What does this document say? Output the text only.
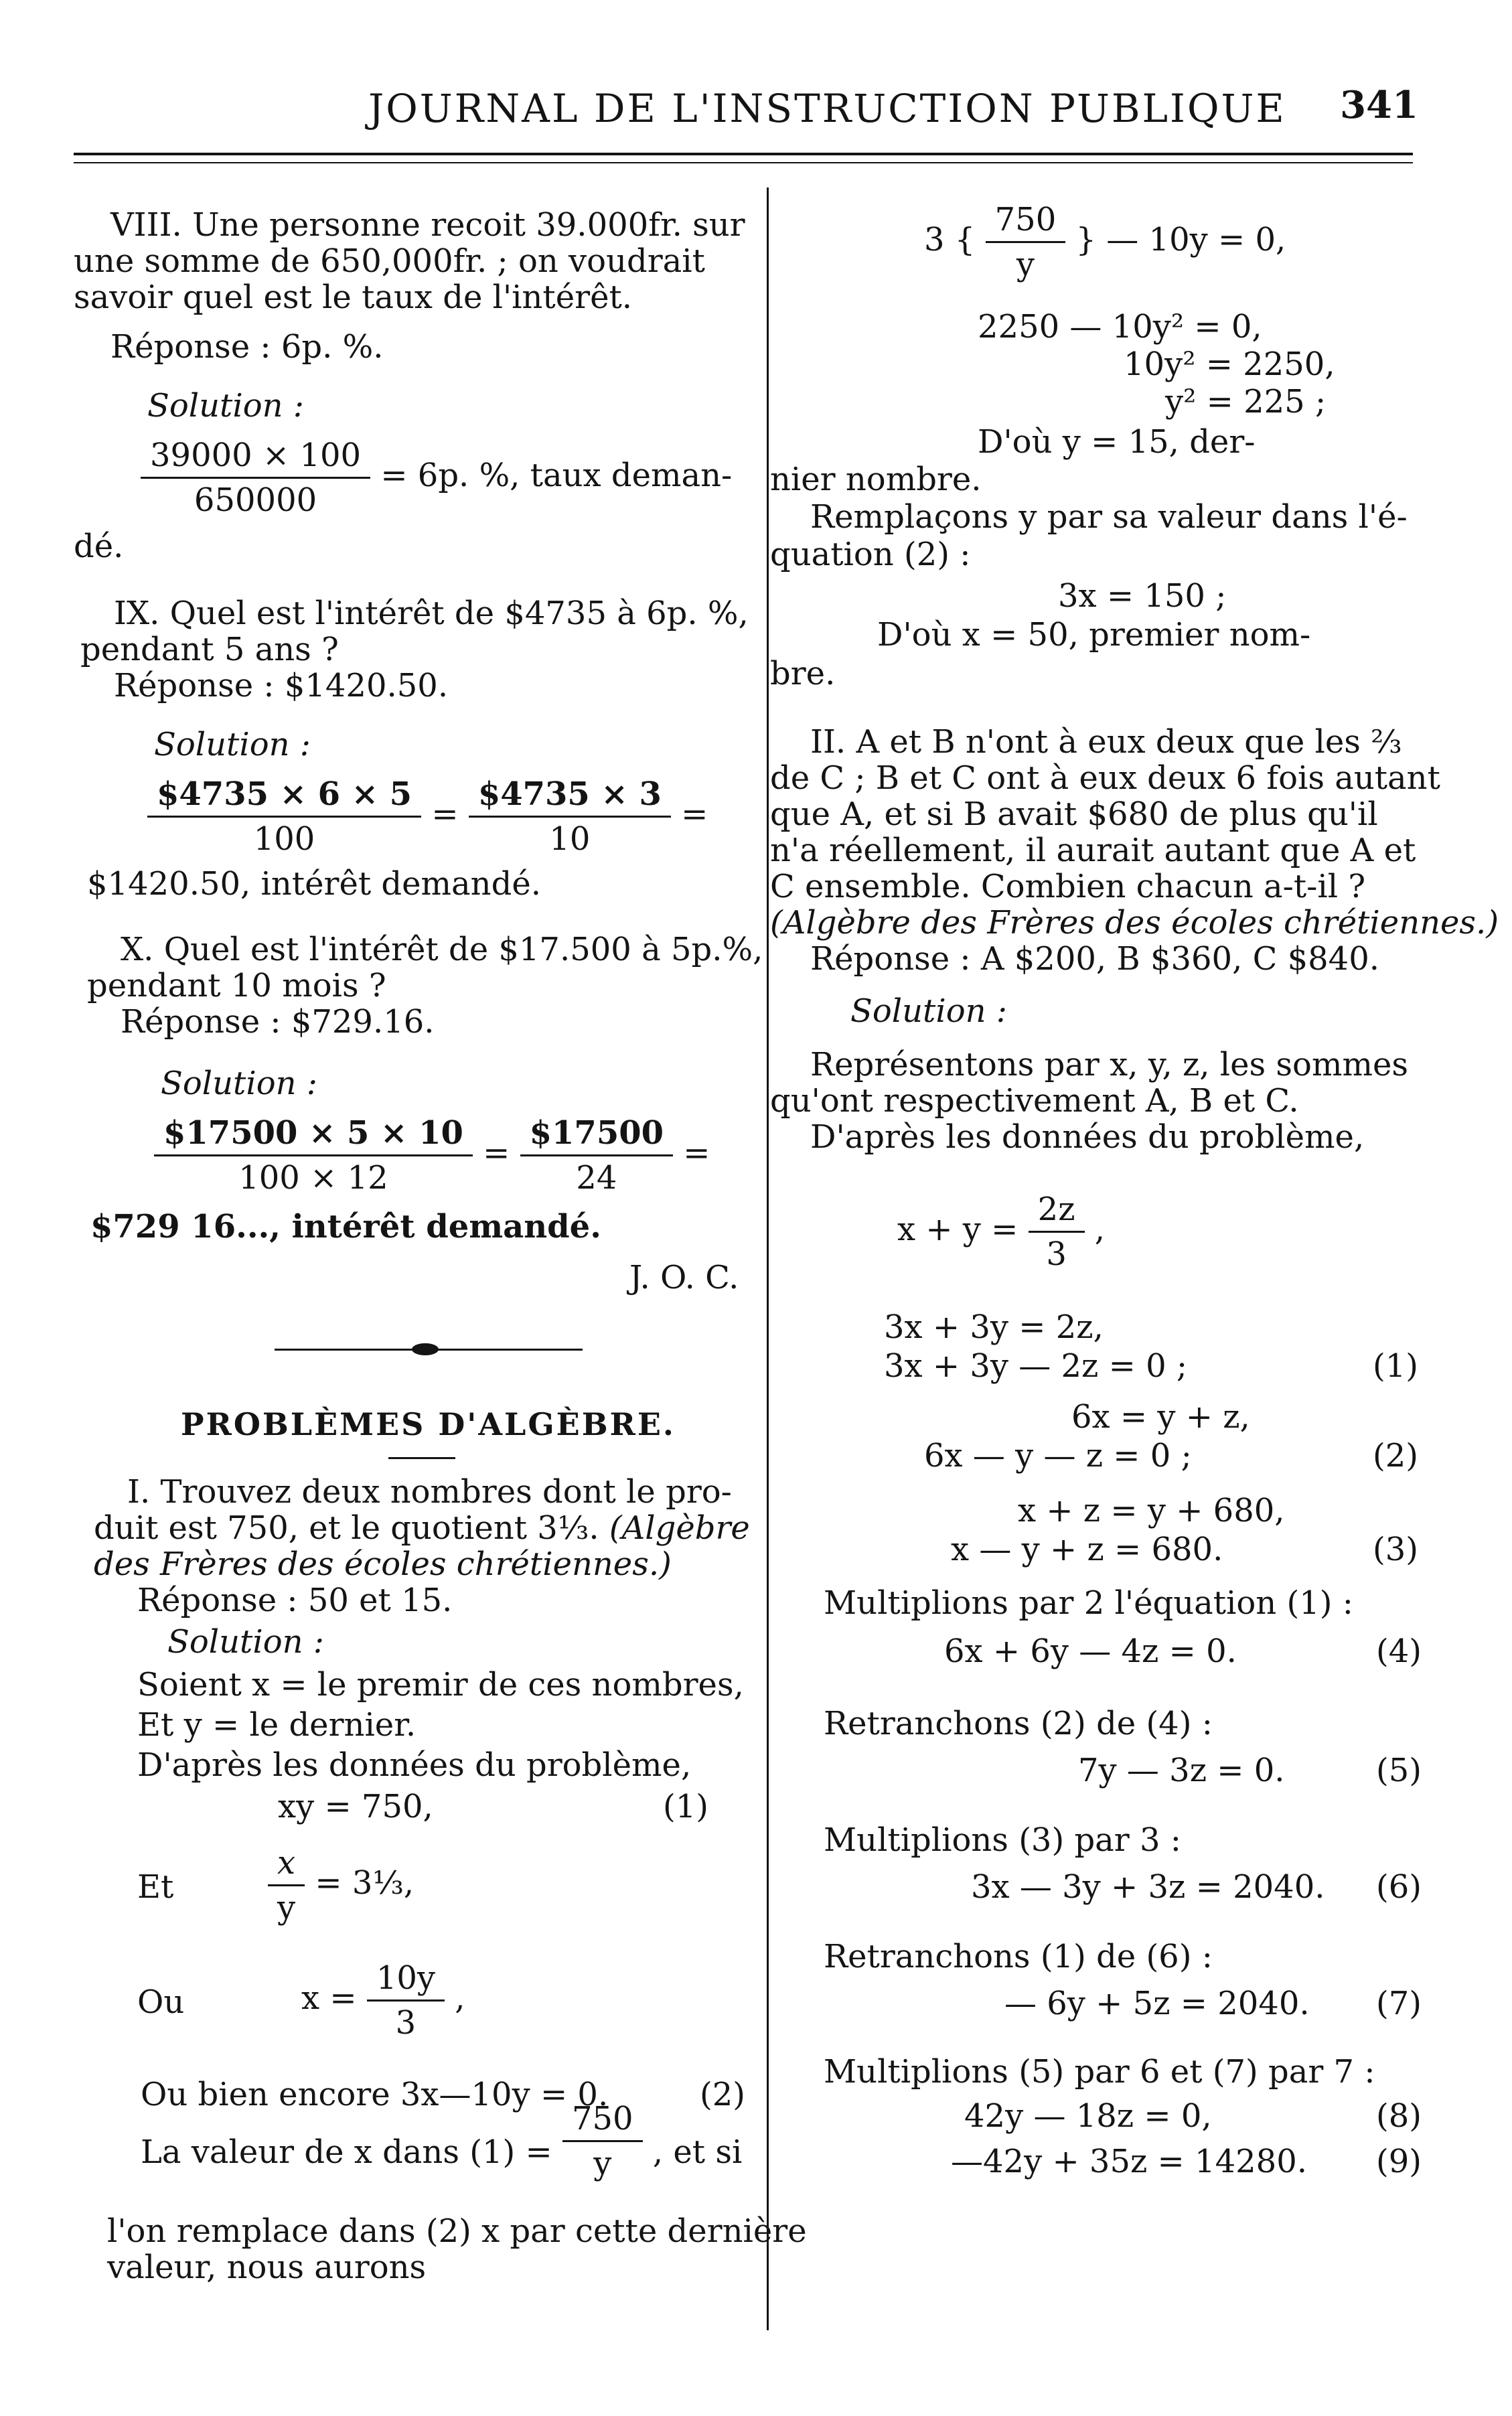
JOURNAL DE L'INSTRUCTION PUBLIQUE 341
VIII. Une personne recoit 39.000fr. sur
une somme de 650,000fr. ; on voudrait
savoir quel est le taux de l'intérêt.
Réponse : 6p. %.
Solution :
$\frac{39000 \times 100}{650000} = 6p$. %, taux deman-
dé.
IX. Quel est l'intérêt de $4735 à 6p. %,
pendant 5 ans ?
Réponse : $1420.50.
Solution :
$\frac{\$4735 \times 6 \times 5}{100} = \frac{\$4735 \times 3}{10}$ =
$1420.50, intérêt demandé.
X. Quel est l'intérêt de $17.500 à 5p.%,
pendant 10 mois ?
Réponse : $729.16.
Solution :
$\frac{\$17500 \times 5 \times 10}{100 \times 12} = \frac{\$17500}{24}$ =
$729 16..., intérêt demandé.
J. O. C.
PROBLÈMES D'ALGÈBRE.
I. Trouvez deux nombres dont le pro-
duit est 750, et le quotient 3⅓. (Algèbre
des Frères des écoles chrétiennes.)
Réponse : 50 et 15.
Solution :
Soient x = le premir de ces nombres,
Et y = le dernier.
D'après les données du problème,
xy = 750,	(1)
Et	$\frac{x}{y}$ = 3⅓,
Ou	$x = \frac{10y}{3}$ ,
Ou bien encore 3x—10y = 0.	(2)
La valeur de x dans $(1) = \frac{750}{y}$ , et si
l'on remplace dans (2) x par cette dernière
valeur, nous aurons
3 { $\frac{750}{y}$ } — 10y = 0,
2250 — 10y² = 0,
10y² = 2250,
y² = 225 ;
D'où y = 15, der-
nier nombre.
Remplaçons y par sa valeur dans l'é-
quation (2) :
3x = 150 ;
D'où x = 50, premier nom-
bre.
II. A et B n'ont à eux deux que les ⅔
de C ; B et C ont à eux deux 6 fois autant
que A, et si B avait $680 de plus qu'il
n'a réellement, il aurait autant que A et
C ensemble. Combien chacun a-t-il ?
(Algèbre des Frères des écoles chrétiennes.)
Réponse : A $200, B $360, C $840.
Solution :
Représentons par x, y, z, les sommes
qu'ont respectivement A, B et C.
D'après les données du problème,
$x + y = \frac{2z}{3}$ ,
3x + 3y = 2z,
3x + 3y — 2z = 0 ;	(1)
6x = y + z,
6x — y — z = 0 ;	(2)
x + z = y + 680,
x — y + z = 680.	(3)
Multiplions par 2 l'équation (1) :
6x + 6y — 4z = 0.	(4)
Retranchons (2) de (4) :
7y — 3z = 0.	(5)
Multiplions (3) par 3 :
3x — 3y + 3z = 2040. (6)
Retranchons (1) de (6) :
— 6y + 5z = 2040. (7)
Multiplions (5) par 6 et (7) par 7 :
42y — 18z = 0,	(8)
—42y + 35z = 14280. (9)
